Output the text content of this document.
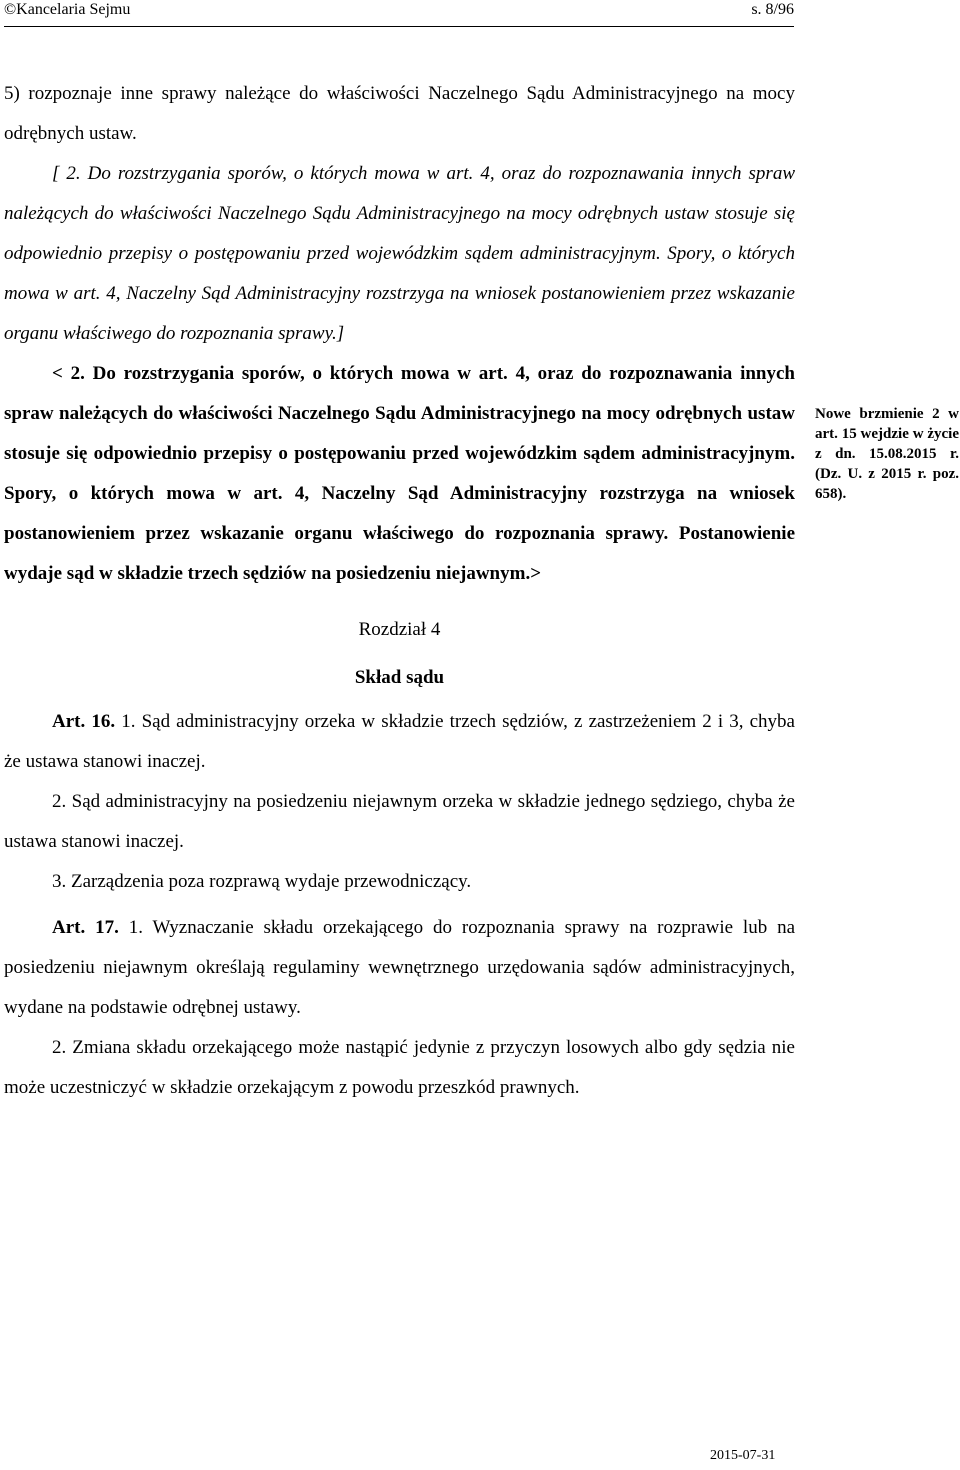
©Kancelaria Sejmu	s. 8/96

5) rozpoznaje inne sprawy należące do właściwości Naczelnego Sądu Administracyjnego na mocy odrębnych ustaw.

[ 2. Do rozstrzygania sporów, o których mowa w art. 4, oraz do rozpoznawania innych spraw należących do właściwości Naczelnego Sądu Administracyjnego na mocy odrębnych ustaw stosuje się odpowiednio przepisy o postępowaniu przed wojewódzkim sądem administracyjnym. Spory, o których mowa w art. 4, Naczelny Sąd Administracyjny rozstrzyga na wniosek postanowieniem przez wskazanie organu właściwego do rozpoznania sprawy.]

< 2. Do rozstrzygania sporów, o których mowa w art. 4, oraz do rozpoznawania innych spraw należących do właściwości Naczelnego Sądu Administracyjnego na mocy odrębnych ustaw stosuje się odpowiednio przepisy o postępowaniu przed wojewódzkim sądem administracyjnym. Spory, o których mowa w art. 4, Naczelny Sąd Administracyjny rozstrzyga na wniosek postanowieniem przez wskazanie organu właściwego do rozpoznania sprawy. Postanowienie wydaje sąd w składzie trzech sędziów na posiedzeniu niejawnym.>

Rozdział 4
Skład sądu

Art. 16. 1. Sąd administracyjny orzeka w składzie trzech sędziów, z zastrzeżeniem 2 i 3, chyba że ustawa stanowi inaczej.

2. Sąd administracyjny na posiedzeniu niejawnym orzeka w składzie jednego sędziego, chyba że ustawa stanowi inaczej.

3. Zarządzenia poza rozprawą wydaje przewodniczący.

Art. 17. 1. Wyznaczanie składu orzekającego do rozpoznania sprawy na rozprawie lub na posiedzeniu niejawnym określają regulaminy wewnętrznego urzędowania sądów administracyjnych, wydane na podstawie odrębnej ustawy.

2. Zmiana składu orzekającego może nastąpić jedynie z przyczyn losowych albo gdy sędzia nie może uczestniczyć w składzie orzekającym z powodu przeszkód prawnych.

Nowe brzmienie 2 w art. 15 wejdzie w życie z dn. 15.08.2015 r. (Dz. U. z 2015 r. poz. 658).
2015-07-31
